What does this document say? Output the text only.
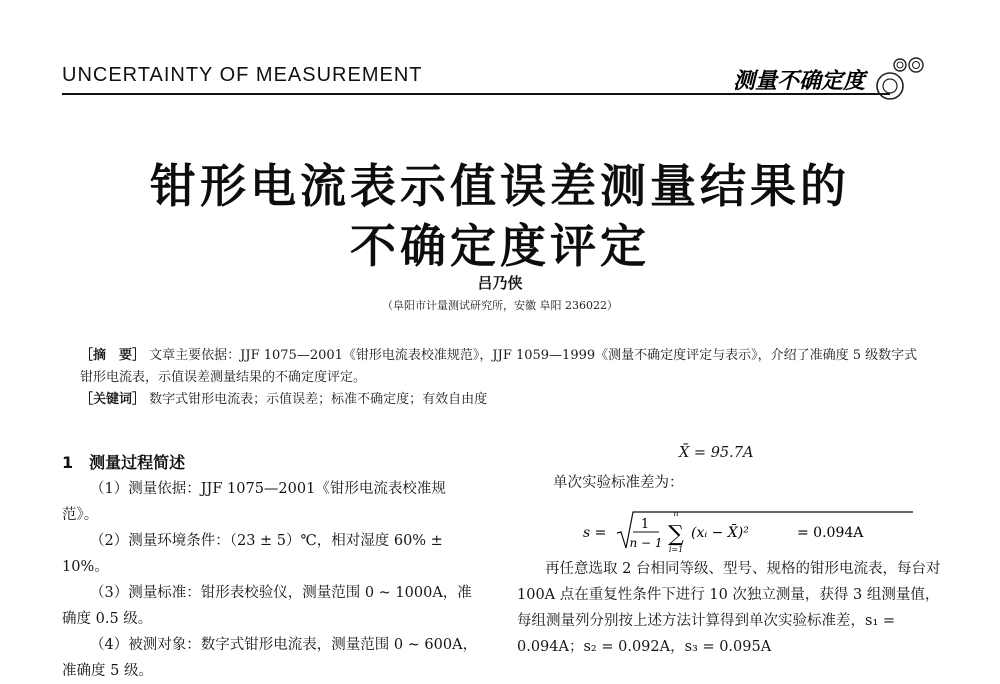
UNCERTAINTY OF MEASUREMENT	测量不确定度
钳形电流表示值误差测量结果的
不确定度评定
吕乃侠
（阜阳市计量测试研究所，安徽 阜阳 236022）
［摘　要］ 文章主要依据：JJF 1075—2001《钳形电流表校准规范》，JJF 1059—1999《测量不确定度评定与表示》，介绍了准确度 5 级数字式钳形电流表，示值误差测量结果的不确定度评定。
［关键词］ 数字式钳形电流表；示值误差；标准不确定度；有效自由度
1　测量过程简述

（1）测量依据：JJF 1075—2001《钳形电流表校准规范》。

（2）测量环境条件：（23 ± 5）℃，相对湿度 60% ± 10%。

（3）测量标准：钳形表校验仪，测量范围 0 ~ 1000A，准确度 0.5 级。

（4）被测对象：数字式钳形电流表，测量范围 0 ~ 600A，准确度 5 级。

X̄ = 95.7A

单次实验标准差为：

s =
1
n − 1
n
∑
i=1
(xᵢ − X̄)²	= 0.094A

再任意选取 2 台相同等级、型号、规格的钳形电流表，每台对 100A 点在重复性条件下进行 10 次独立测量，获得 3 组测量值，每组测量列分别按上述方法计算得到单次实验标准差，s₁ = 0.094A；s₂ = 0.092A，s₃ = 0.095A
